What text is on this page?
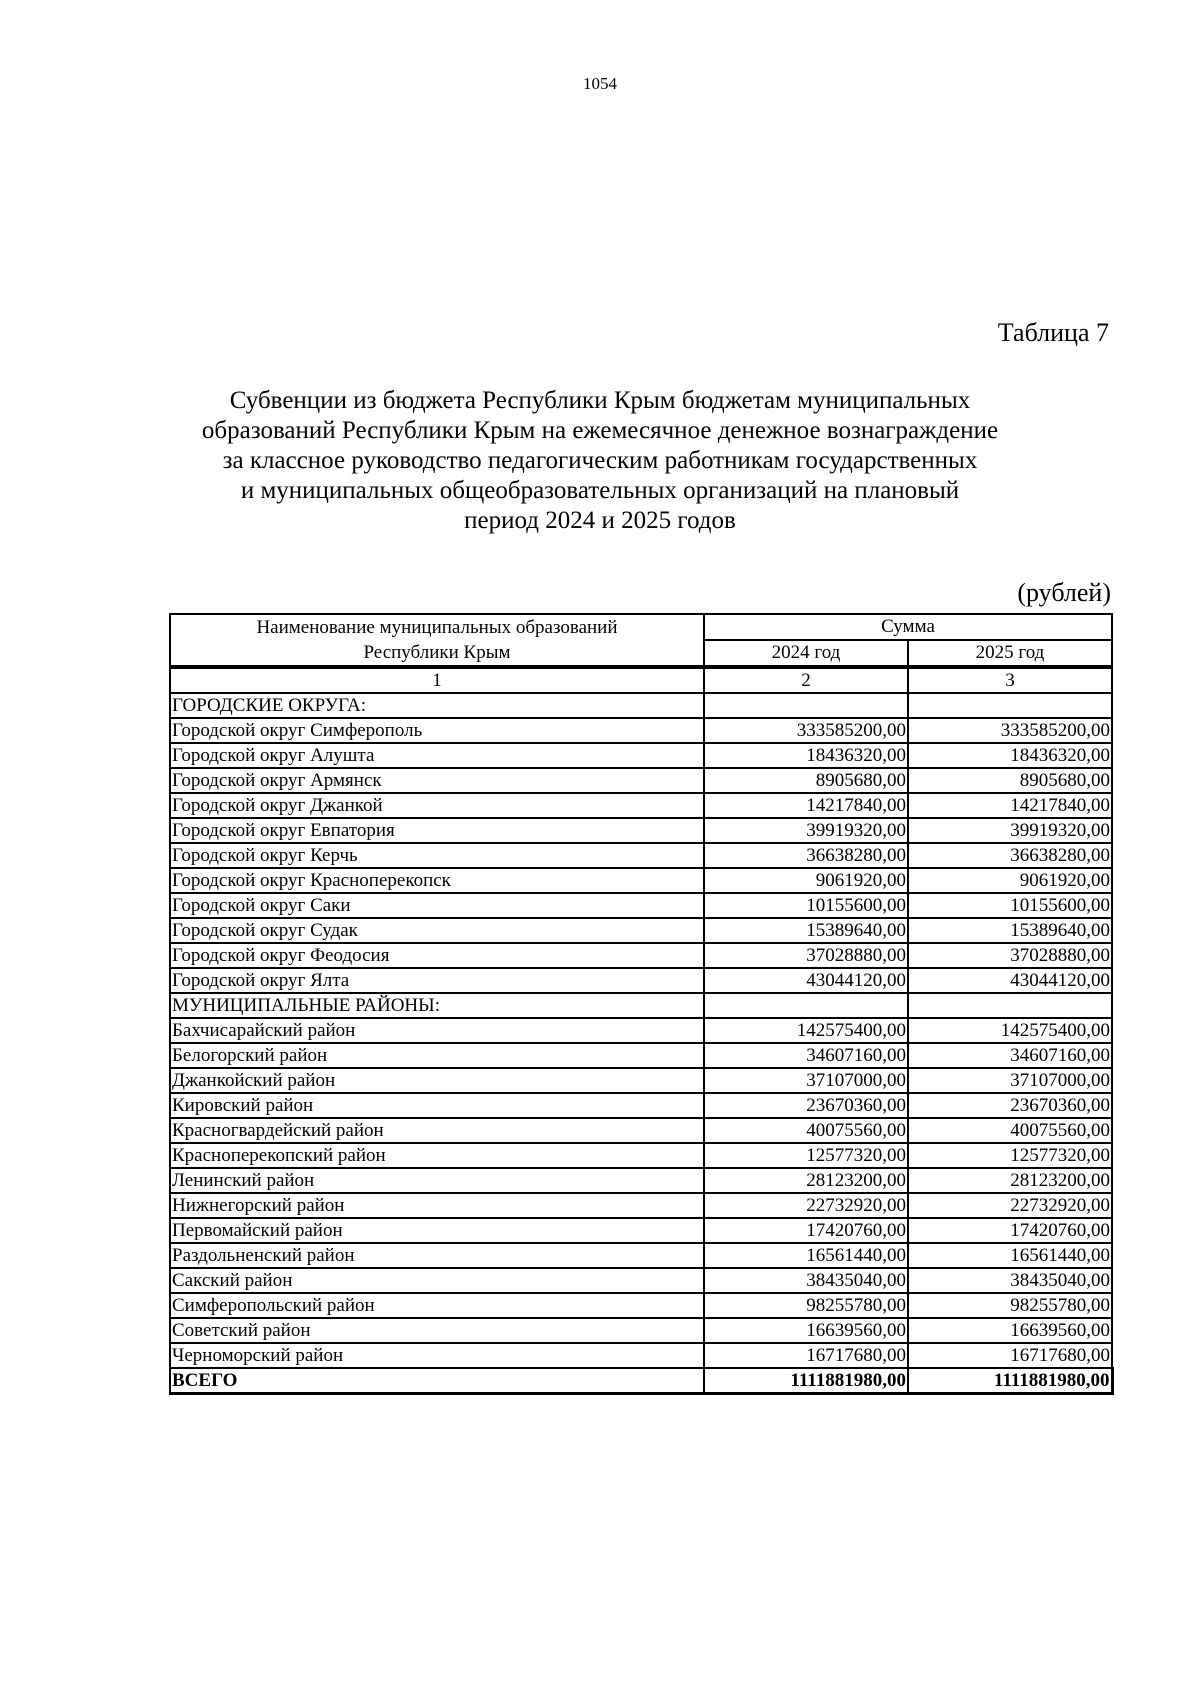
1054
Таблица 7
Субвенции из бюджета Республики Крым бюджетам муниципальных
образований Республики Крым на ежемесячное денежное вознаграждение
за классное руководство педагогическим работникам государственных
и муниципальных общеобразовательных организаций на плановый
период 2024 и 2025 годов
(рублей)
Наименование муниципальных образований
Республики Крым	Сумма	
	2024 год	2025 год
1	2	3
ГОРОДСКИЕ ОКРУГА:		
Городской округ Симферополь	333585200,00	333585200,00
Городской округ Алушта	18436320,00	18436320,00
Городской округ Армянск	8905680,00	8905680,00
Городской округ Джанкой	14217840,00	14217840,00
Городской округ Евпатория	39919320,00	39919320,00
Городской округ Керчь	36638280,00	36638280,00
Городской округ Красноперекопск	9061920,00	9061920,00
Городской округ Саки	10155600,00	10155600,00
Городской округ Судак	15389640,00	15389640,00
Городской округ Феодосия	37028880,00	37028880,00
Городской округ Ялта	43044120,00	43044120,00
МУНИЦИПАЛЬНЫЕ РАЙОНЫ:		
Бахчисарайский район	142575400,00	142575400,00
Белогорский район	34607160,00	34607160,00
Джанкойский район	37107000,00	37107000,00
Кировский район	23670360,00	23670360,00
Красногвардейский район	40075560,00	40075560,00
Красноперекопский район	12577320,00	12577320,00
Ленинский район	28123200,00	28123200,00
Нижнегорский район	22732920,00	22732920,00
Первомайский район	17420760,00	17420760,00
Раздольненский район	16561440,00	16561440,00
Сакский район	38435040,00	38435040,00
Симферопольский район	98255780,00	98255780,00
Советский район	16639560,00	16639560,00
Черноморский район	16717680,00	16717680,00
ВСЕГО	1111881980,00	1111881980,00
